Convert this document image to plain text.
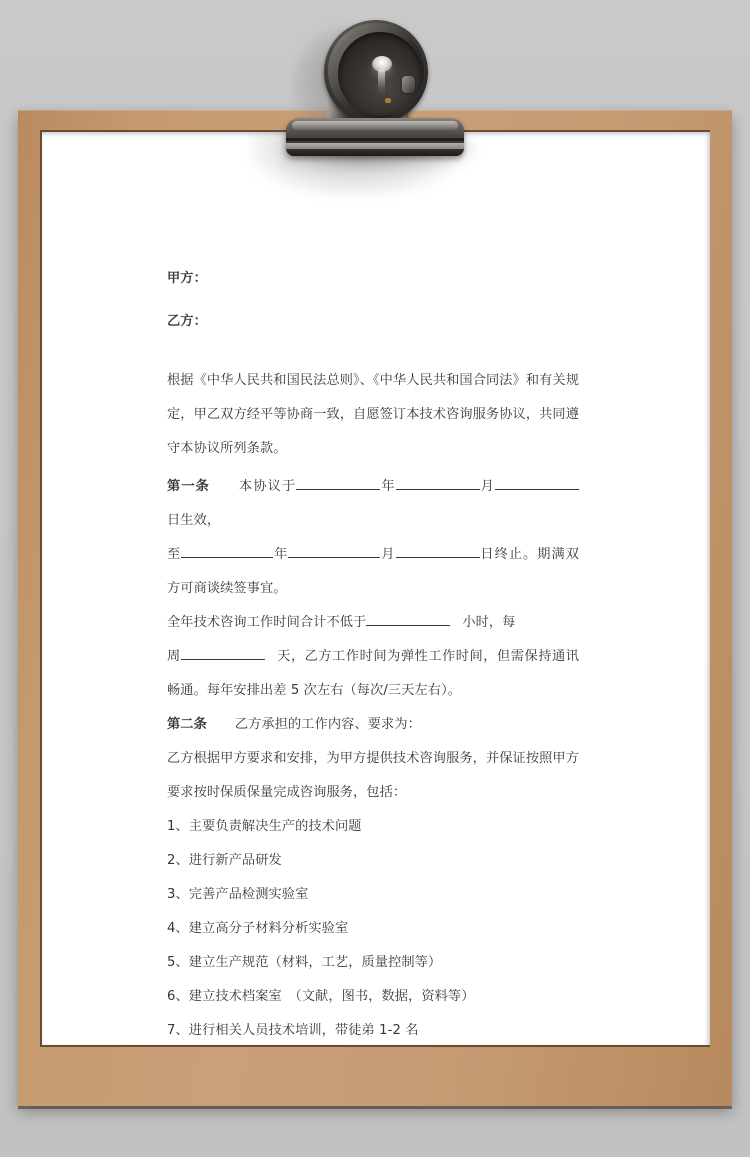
甲方：

乙方：

根据《中华人民共和国民法总则》、《中华人民共和国合同法》和有关规定，甲乙双方经平等协商一致，自愿签订本技术咨询服务协议，共同遵守本协议所列条款。

第一条 本协议于	年	月日生效，

至	年	月	日终止。期满双方可商谈续签事宜。

全年技术咨询工作时间合计不低于	小时，每

周	天，乙方工作时间为弹性工作时间，但需保持通讯畅通。每年安排出差 5 次左右（每次/三天左右）。

第二条 乙方承担的工作内容、要求为：

乙方根据甲方要求和安排，为甲方提供技术咨询服务，并保证按照甲方要求按时保质保量完成咨询服务，包括：

1、主要负责解决生产的技术问题

2、进行新产品研发

3、完善产品检测实验室

4、建立高分子材料分析实验室

5、建立生产规范（材料，工艺，质量控制等）

6、建立技术档案室　（文献，图书，数据，资料等）

7、进行相关人员技术培训，带徒弟 1-2 名
